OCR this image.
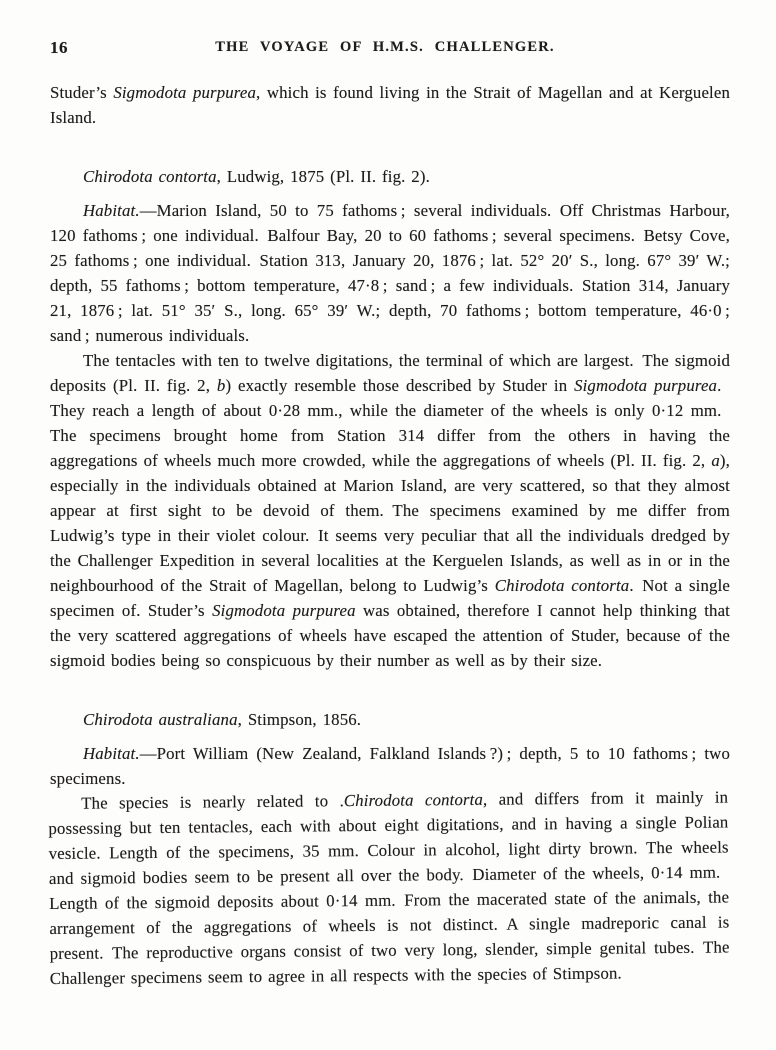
16	THE VOYAGE OF H.M.S. CHALLENGER.

Studer’s Sigmodota purpurea, which is found living in the Strait of Magellan and at Kerguelen Island.

Chirodota contorta, Ludwig, 1875 (Pl. II. fig. 2).

Habitat.—Marion Island, 50 to 75 fathoms ; several individuals. Off Christmas Harbour, 120 fathoms ; one individual. Balfour Bay, 20 to 60 fathoms ; several specimens. Betsy Cove, 25 fathoms ; one individual. Station 313, January 20, 1876 ; lat. 52° 20′ S., long. 67° 39′ W.; depth, 55 fathoms ; bottom temperature, 47·8 ; sand ; a few individuals. Station 314, January 21, 1876 ; lat. 51° 35′ S., long. 65° 39′ W.; depth, 70 fathoms ; bottom temperature, 46·0 ; sand ; numerous individuals.

The tentacles with ten to twelve digitations, the terminal of which are largest. The sigmoid deposits (Pl. II. fig. 2, b) exactly resemble those described by Studer in Sigmodota purpurea. They reach a length of about 0·28 mm., while the diameter of the wheels is only 0·12 mm. The specimens brought home from Station 314 differ from the others in having the aggregations of wheels much more crowded, while the aggregations of wheels (Pl. II. fig. 2, a), especially in the individuals obtained at Marion Island, are very scattered, so that they almost appear at first sight to be devoid of them. The specimens examined by me differ from Ludwig’s type in their violet colour. It seems very peculiar that all the individuals dredged by the Challenger Expedition in several localities at the Kerguelen Islands, as well as in or in the neighbourhood of the Strait of Magellan, belong to Ludwig’s Chirodota contorta. Not a single specimen of. Studer’s Sigmodota purpurea was obtained, therefore I cannot help thinking that the very scattered aggregations of wheels have escaped the attention of Studer, because of the sigmoid bodies being so conspicuous by their number as well as by their size.

Chirodota australiana, Stimpson, 1856.

Habitat.—Port William (New Zealand, Falkland Islands ?) ; depth, 5 to 10 fathoms ; two specimens.

The species is nearly related to .Chirodota contorta, and differs from it mainly in possessing but ten tentacles, each with about eight digitations, and in having a single Polian vesicle. Length of the specimens, 35 mm. Colour in alcohol, light dirty brown. The wheels and sigmoid bodies seem to be present all over the body. Diameter of the wheels, 0·14 mm. Length of the sigmoid deposits about 0·14 mm. From the macerated state of the animals, the arrangement of the aggregations of wheels is not distinct. A single madreporic canal is present. The reproductive organs consist of two very long, slender, simple genital tubes. The Challenger specimens seem to agree in all respects with the species of Stimpson.
